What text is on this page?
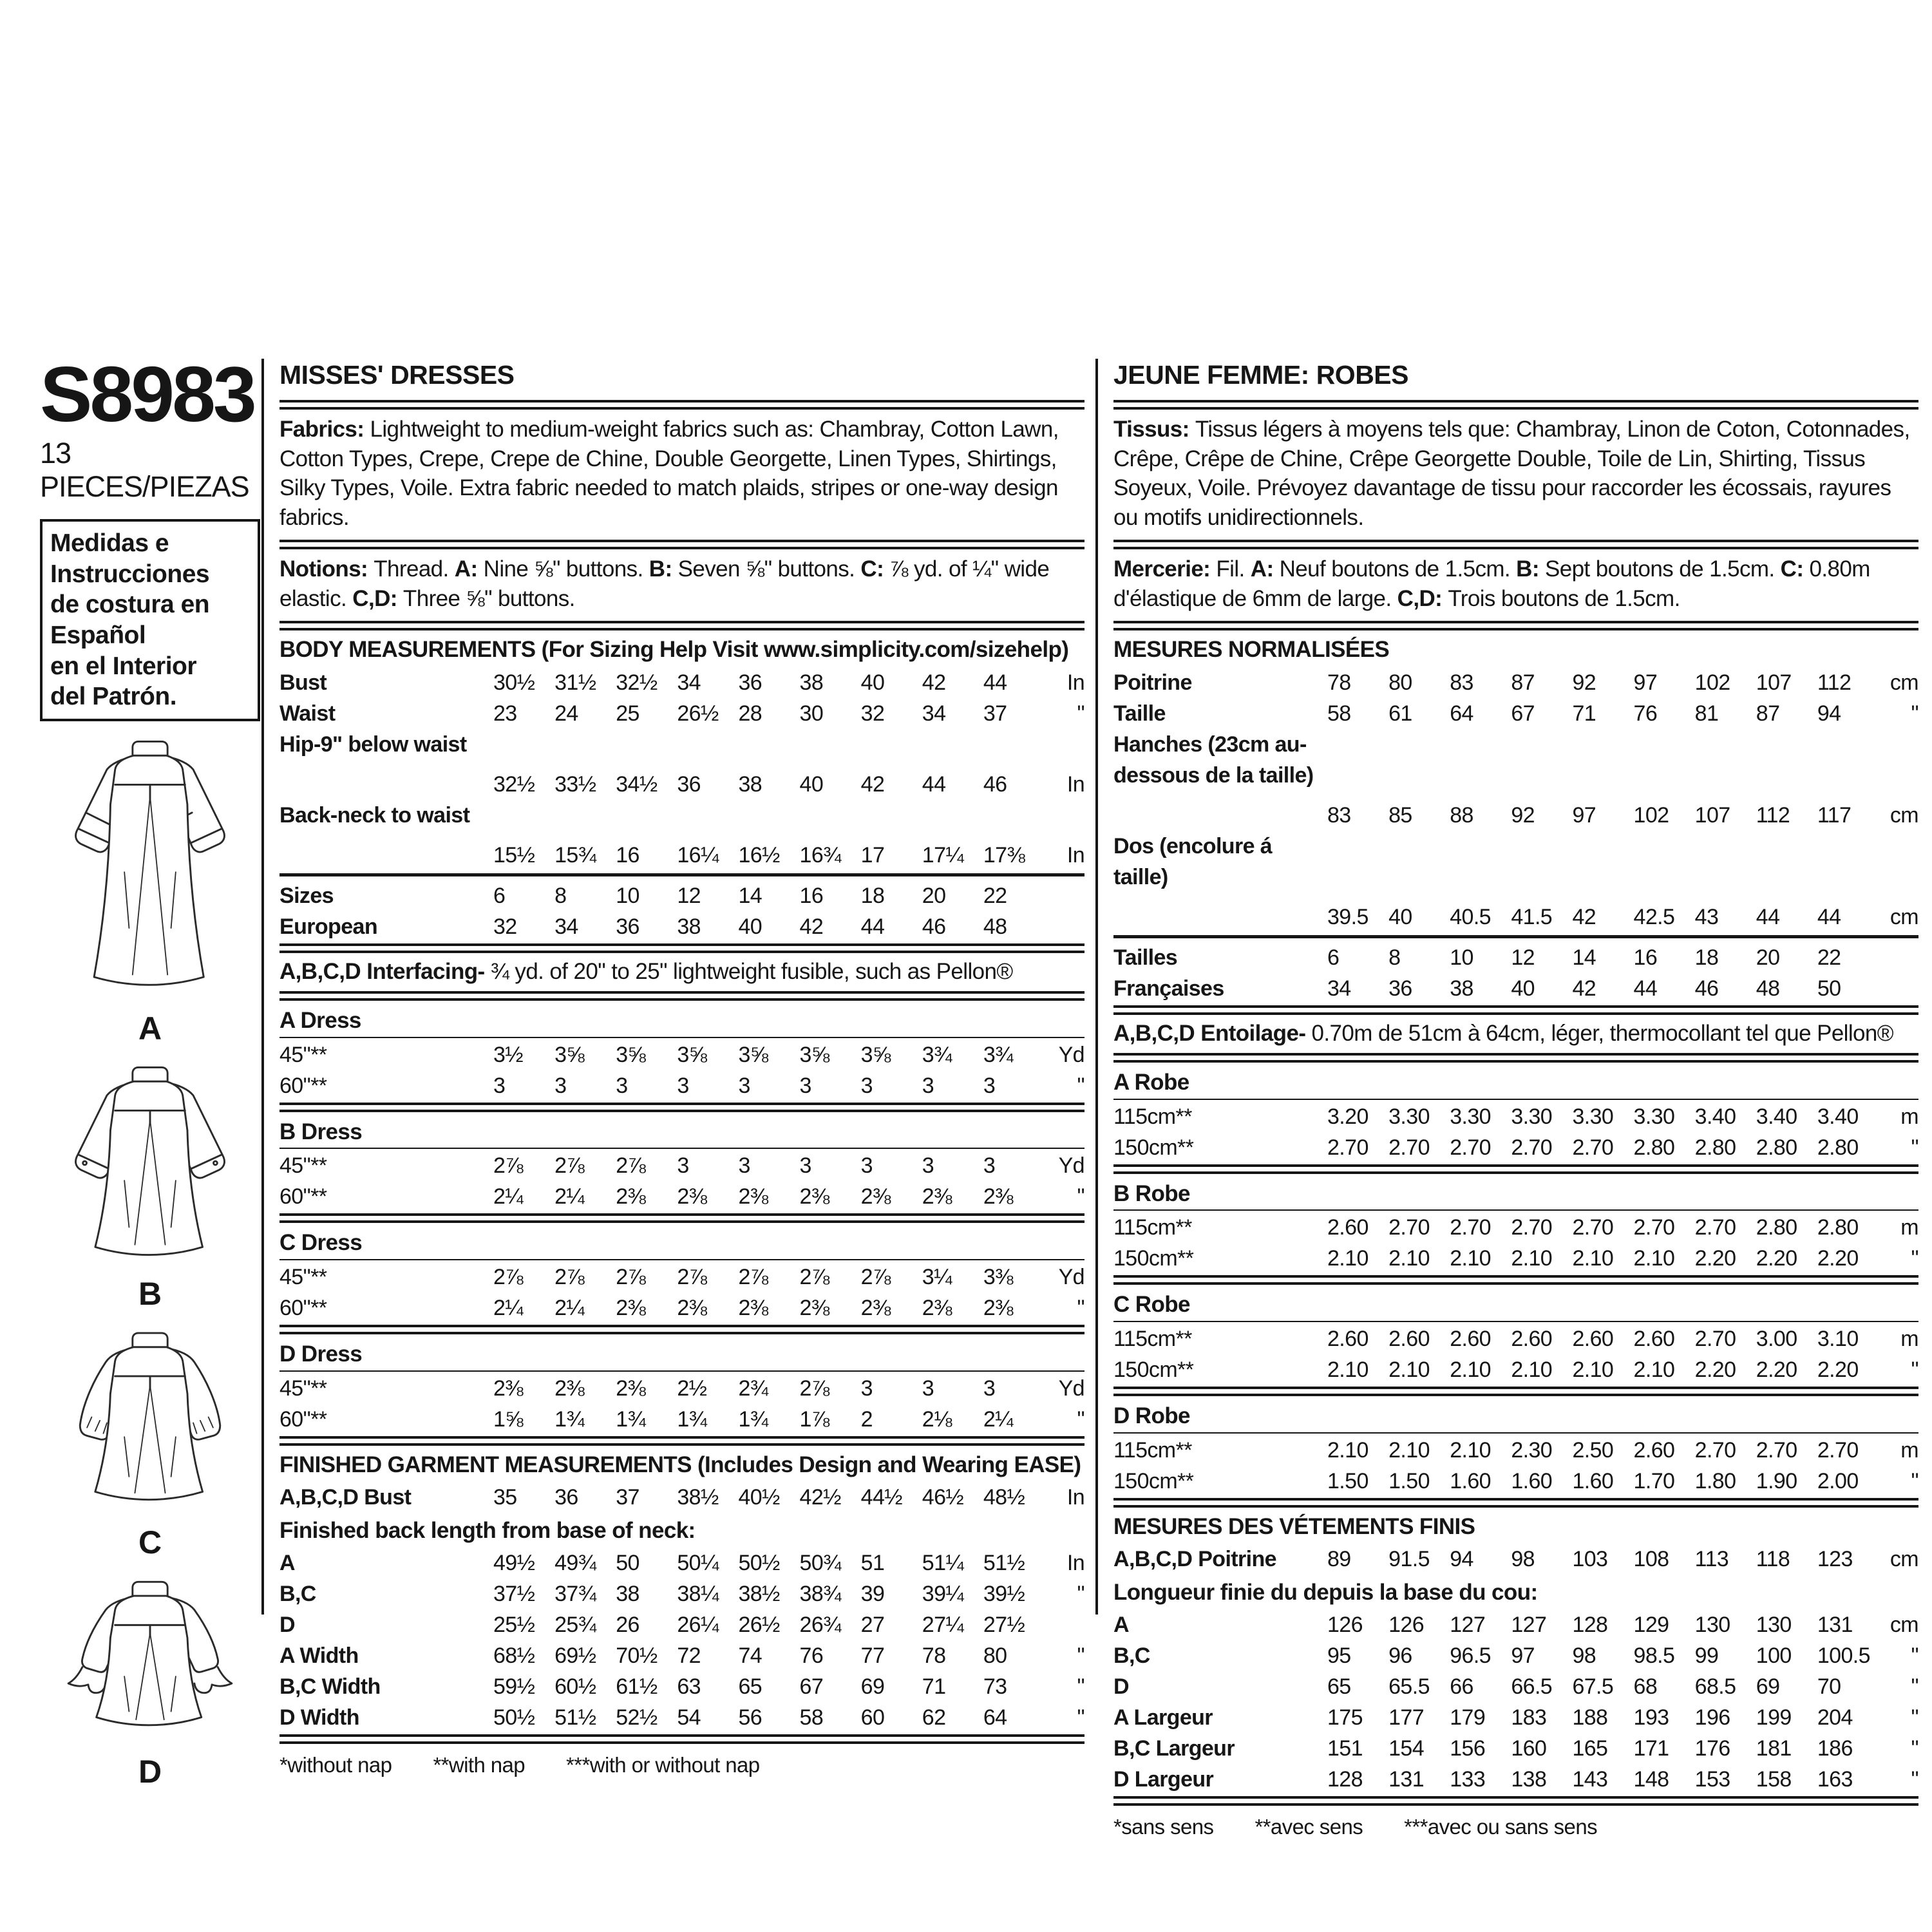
S8983
13 PIECES/PIEZAS
Medidas e Instrucciones
de costura en Español
en el Interior
del Patrón.
A
B
C
D
MISSES' DRESSES
Fabrics: Lightweight to medium-weight fabrics such as: Chambray, Cotton Lawn, Cotton Types, Crepe, Crepe de Chine, Double Georgette, Linen Types, Shirtings, Silky Types, Voile. Extra fabric needed to match plaids, stripes or one-way design fabrics.
Notions: Thread. A: Nine ⅝" buttons. B: Seven ⅝" buttons. C: ⅞ yd. of ¼" wide elastic. C,D: Three ⅝" buttons.
BODY MEASUREMENTS (For Sizing Help Visit www.simplicity.com/sizehelp)
Bust	30½ 31½ 32½ 34	36	38	40	42	44	In
Waist	23	24	25	26½ 28	30	32	34	37	"
Hip-9" below waist
32½ 33½ 34½ 36	38	40	42	44	46	In
Back-neck to waist
15½ 15¾ 16	16¼ 16½ 16¾ 17	17¼ 17⅜	In
Sizes	6	8	10	12	14	16	18	20	22
European	32	34	36	38	40	42	44	46	48
A,B,C,D Interfacing- ¾ yd. of 20" to 25" lightweight fusible, such as Pellon®
A Dress
45"**	3½	3⅝	3⅝	3⅝	3⅝	3⅝	3⅝	3¾	3¾	Yd
60"**	3	3	3	3	3	3	3	3	3	"
B Dress
45"**	2⅞	2⅞	2⅞	3	3	3	3	3	3	Yd
60"**	2¼	2¼	2⅜	2⅜	2⅜	2⅜	2⅜	2⅜	2⅜	"
C Dress
45"**	2⅞	2⅞	2⅞	2⅞	2⅞	2⅞	2⅞	3¼	3⅜	Yd
60"**	2¼	2¼	2⅜	2⅜	2⅜	2⅜	2⅜	2⅜	2⅜	"
D Dress
45"**	2⅜	2⅜	2⅜	2½	2¾	2⅞	3	3	3	Yd
60"**	1⅝	1¾	1¾	1¾	1¾	1⅞	2	2⅛	2¼	"
FINISHED GARMENT MEASUREMENTS (Includes Design and Wearing EASE)
A,B,C,D Bust	35	36	37	38½ 40½ 42½ 44½ 46½ 48½	In
Finished back length from base of neck:
A	49½ 49¾ 50	50¼ 50½ 50¾ 51	51¼ 51½	In
B,C	37½ 37¾ 38	38¼ 38½ 38¾ 39	39¼ 39½	"
D	25½ 25¾ 26	26¼ 26½ 26¾ 27	27¼ 27½
A Width	68½ 69½ 70½ 72	74	76	77	78	80	"
B,C Width	59½ 60½ 61½ 63	65	67	69	71	73	"
D Width	50½ 51½ 52½ 54	56	58	60	62	64	"
*without nap **with nap ***with or without nap
JEUNE FEMME: ROBES
Tissus: Tissus légers à moyens tels que: Chambray, Linon de Coton, Cotonnades, Crêpe, Crêpe de Chine, Crêpe Georgette Double, Toile de Lin, Shirting, Tissus Soyeux, Voile. Prévoyez davantage de tissu pour raccorder les écossais, rayures ou motifs unidirectionnels.
Mercerie: Fil. A: Neuf boutons de 1.5cm. B: Sept boutons de 1.5cm. C: 0.80m d'élastique de 6mm de large. C,D: Trois boutons de 1.5cm.
MESURES NORMALISÉES
Poitrine	78	80	83	87	92	97	102	107	112	cm
Taille	58	61	64	67	71	76	81	87	94	"
Hanches (23cm au-dessous de la taille)
83	85	88	92	97	102	107	112	117	cm
Dos (encolure á taille)
39.5 40	40.5 41.5 42	42.5 43	44	44	cm
Tailles	6	8	10	12	14	16	18	20	22
Françaises	34	36	38	40	42	44	46	48	50
A,B,C,D Entoilage- 0.70m de 51cm à 64cm, léger, thermocollant tel que Pellon®
A Robe
115cm**	3.20 3.30 3.30 3.30 3.30 3.30 3.40 3.40 3.40	m
150cm**	2.70 2.70 2.70 2.70 2.70 2.80 2.80 2.80 2.80	"
B Robe
115cm**	2.60 2.70 2.70 2.70 2.70 2.70 2.70 2.80 2.80	m
150cm**	2.10 2.10 2.10 2.10 2.10 2.10 2.20 2.20 2.20	"
C Robe
115cm**	2.60 2.60 2.60 2.60 2.60 2.60 2.70 3.00 3.10	m
150cm**	2.10 2.10 2.10 2.10 2.10 2.10 2.20 2.20 2.20	"
D Robe
115cm**	2.10 2.10 2.10 2.30 2.50 2.60 2.70 2.70 2.70	m
150cm**	1.50 1.50 1.60 1.60 1.60 1.70 1.80 1.90 2.00	"
MESURES DES VÉTEMENTS FINIS
A,B,C,D Poitrine	89	91.5 94	98	103	108	113	118	123	cm
Longueur finie du depuis la base du cou:
A	126	126	127	127	128	129	130	130	131	cm
B,C	95	96	96.5 97	98	98.5 99	100	100.5	"
D	65	65.5 66	66.5 67.5 68	68.5 69	70	"
A Largeur	175	177	179	183	188	193	196	199	204	"
B,C Largeur	151	154	156	160	165	171	176	181	186	"
D Largeur	128	131	133	138	143	148	153	158	163	"
*sans sens **avec sens ***avec ou sans sens
